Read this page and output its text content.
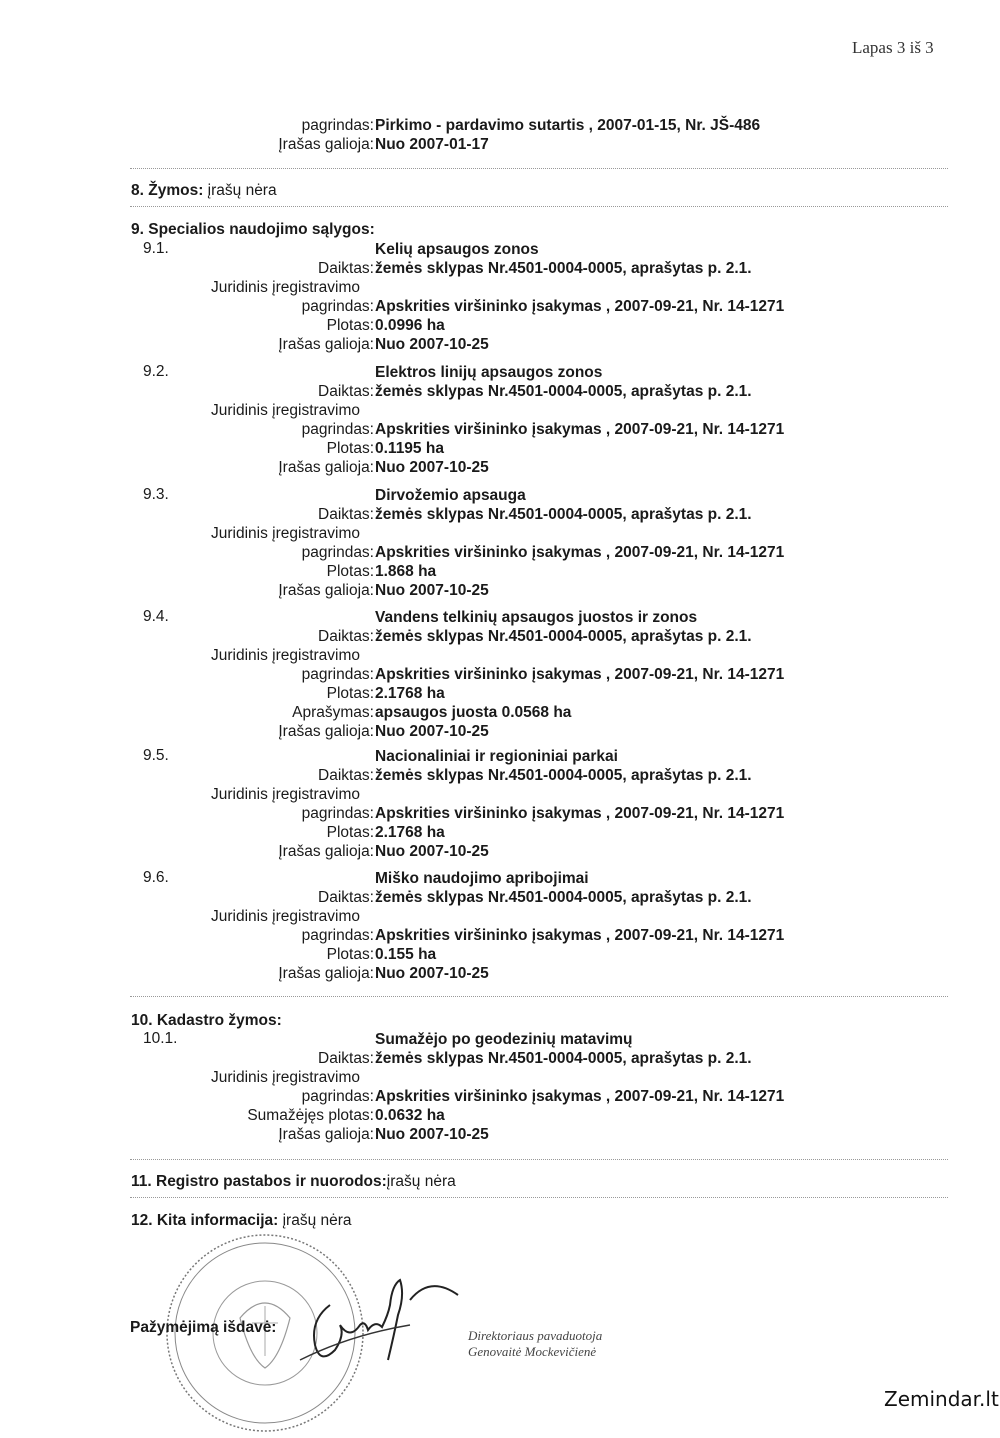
Lapas 3 iš 3
pagrindas: Pirkimo - pardavimo sutartis , 2007-01-15, Nr. JŠ-486
Įrašas galioja: Nuo 2007-01-17
8. Žymos: įrašų nėra
9. Specialios naudojimo sąlygos:
9.1.	Kelių apsaugos zonos
Daiktas: žemės sklypas Nr.4501-0004-0005, aprašytas p. 2.1.
Juridinis įregistravimo
pagrindas: Apskrities viršininko įsakymas , 2007-09-21, Nr. 14-1271
Plotas: 0.0996 ha
Įrašas galioja: Nuo 2007-10-25
9.2.	Elektros linijų apsaugos zonos
Daiktas: žemės sklypas Nr.4501-0004-0005, aprašytas p. 2.1.
Juridinis įregistravimo
pagrindas: Apskrities viršininko įsakymas , 2007-09-21, Nr. 14-1271
Plotas: 0.1195 ha
Įrašas galioja: Nuo 2007-10-25
9.3.	Dirvožemio apsauga
Daiktas: žemės sklypas Nr.4501-0004-0005, aprašytas p. 2.1.
Juridinis įregistravimo
pagrindas: Apskrities viršininko įsakymas , 2007-09-21, Nr. 14-1271
Plotas: 1.868 ha
Įrašas galioja: Nuo 2007-10-25
9.4.	Vandens telkinių apsaugos juostos ir zonos
Daiktas: žemės sklypas Nr.4501-0004-0005, aprašytas p. 2.1.
Juridinis įregistravimo
pagrindas: Apskrities viršininko įsakymas , 2007-09-21, Nr. 14-1271
Plotas: 2.1768 ha
Aprašymas: apsaugos juosta 0.0568 ha
Įrašas galioja: Nuo 2007-10-25
9.5.	Nacionaliniai ir regioniniai parkai
Daiktas: žemės sklypas Nr.4501-0004-0005, aprašytas p. 2.1.
Juridinis įregistravimo
pagrindas: Apskrities viršininko įsakymas , 2007-09-21, Nr. 14-1271
Plotas: 2.1768 ha
Įrašas galioja: Nuo 2007-10-25
9.6.	Miško naudojimo apribojimai
Daiktas: žemės sklypas Nr.4501-0004-0005, aprašytas p. 2.1.
Juridinis įregistravimo
pagrindas: Apskrities viršininko įsakymas , 2007-09-21, Nr. 14-1271
Plotas: 0.155 ha
Įrašas galioja: Nuo 2007-10-25
10. Kadastro žymos:
10.1.	Sumažėjo po geodezinių matavimų
Daiktas: žemės sklypas Nr.4501-0004-0005, aprašytas p. 2.1.
Juridinis įregistravimo
pagrindas: Apskrities viršininko įsakymas , 2007-09-21, Nr. 14-1271
Sumažėjęs plotas: 0.0632 ha
Įrašas galioja: Nuo 2007-10-25
11. Registro pastabos ir nuorodos:įrašų nėra
12. Kita informacija: įrašų nėra
Pažymėjimą išdavė:	Direktoriaus pavaduotoja
Genovaitė Mockevičienė
Zemindar.lt
